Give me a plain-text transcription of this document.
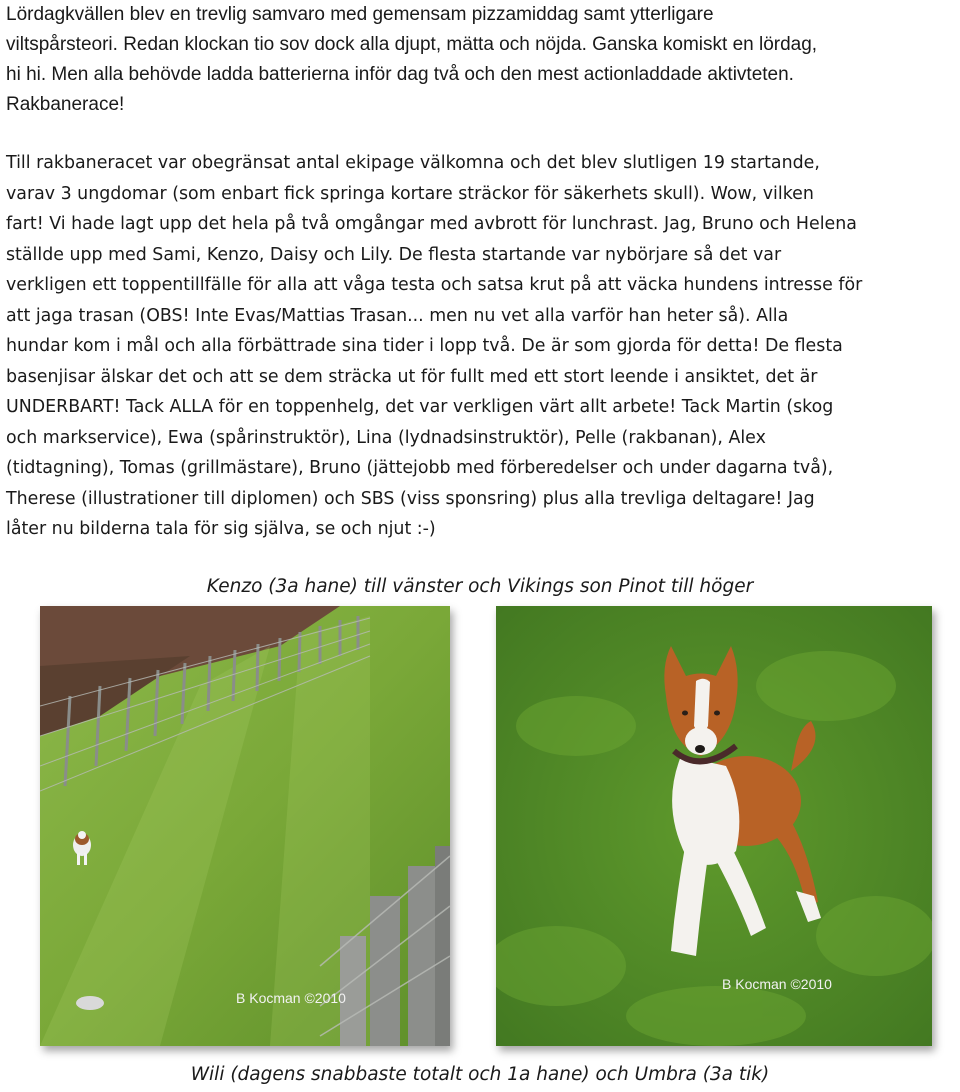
Lördagkvällen blev en trevlig samvaro med gemensam pizzamiddag samt ytterligare
viltspårsteori. Redan klockan tio sov dock alla djupt, mätta och nöjda. Ganska komiskt en lördag,
hi hi. Men alla behövde ladda batterierna inför dag två och den mest actionladdade aktivteten.
Rakbanerace!

Till rakbaneracet var obegränsat antal ekipage välkomna och det blev slutligen 19 startande,
varav 3 ungdomar (som enbart fick springa kortare sträckor för säkerhets skull). Wow, vilken
fart! Vi hade lagt upp det hela på två omgångar med avbrott för lunchrast. Jag, Bruno och Helena
ställde upp med Sami, Kenzo, Daisy och Lily. De flesta startande var nybörjare så det var
verkligen ett toppentillfälle för alla att våga testa och satsa krut på att väcka hundens intresse för
att jaga trasan (OBS! Inte Evas/Mattias Trasan... men nu vet alla varför han heter så). Alla
hundar kom i mål och alla förbättrade sina tider i lopp två. De är som gjorda för detta! De flesta
basenjisar älskar det och att se dem sträcka ut för fullt med ett stort leende i ansiktet, det är
UNDERBART! Tack ALLA för en toppenhelg, det var verkligen värt allt arbete! Tack Martin (skog
och markservice), Ewa (spårinstruktör), Lina (lydnadsinstruktör), Pelle (rakbanan), Alex
(tidtagning), Tomas (grillmästare), Bruno (jättejobb med förberedelser och under dagarna två),
Therese (illustrationer till diplomen) och SBS (viss sponsring) plus alla trevliga deltagare! Jag
låter nu bilderna tala för sig själva, se och njut :-)

Kenzo (3a hane) till vänster och Vikings son Pinot till höger

B Kocman ©2010
B Kocman ©2010

Wili (dagens snabbaste totalt och 1a hane) och Umbra (3a tik)
